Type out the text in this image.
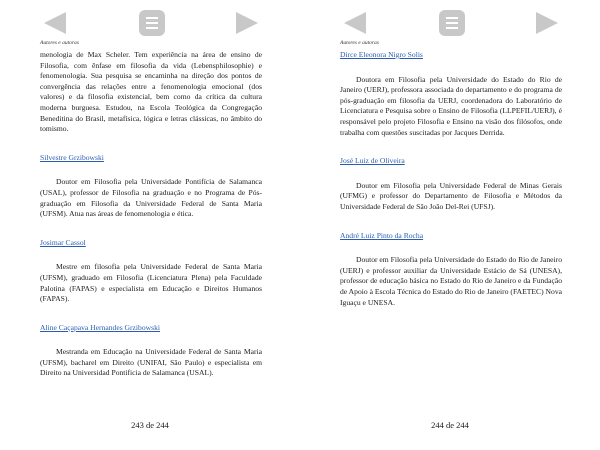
Autores e autoras

menologia de Max Scheler. Tem experiência na área de ensino de Filosofia, com ênfase em filosofia da vida (Lebensphilosophie) e fenomenologia. Sua pesquisa se encaminha na direção dos pontos de convergência das relações entre a fenomenologia emocional (dos valores) e da filosofia existencial, bem como da crítica da cultura moderna burguesa. Estudou, na Escola Teológica da Congregação Beneditina do Brasil, metafísica, lógica e letras clássicas, no âmbito do tomismo.

Silvestre Grzibowski

Doutor em Filosofia pela Universidade Pontifícia de Salamanca (USAL), professor de Filosofia na graduação e no Programa de Pós-graduação em Filosofia da Universidade Federal de Santa Maria (UFSM). Atua nas áreas de fenomenologia e ética.

Josimar Cassol

Mestre em filosofia pela Universidade Federal de Santa Maria (UFSM), graduado em Filosofia (Licenciatura Plena) pela Faculdade Palotina (FAPAS) e especialista em Educação e Direitos Humanos (FAPAS).

Aline Caçapava Hernandes Grzibowski

Mestranda em Educação na Universidade Federal de Santa Maria (UFSM), bacharel em Direito (UNIFAI, São Paulo) e especialista em Direito na Universidad Pontificia de Salamanca (USAL).

243 de 244
Autores e autoras
Dirce Eleonora Nigro Solis

Doutora em Filosofia pela Universidade do Estado do Rio de Janeiro (UERJ), professora associada do departamento e do programa de pós-graduação em filosofia da UERJ, coordenadora do Laboratório de Licenciatura e Pesquisa sobre o Ensino de Filosofia (LLPEFIL/UERJ), é responsável pelo projeto Filosofia e Ensino na visão dos filósofos, onde trabalha com questões suscitadas por Jacques Derrida.

José Luiz de Oliveira

Doutor em Filosofia pela Universidade Federal de Minas Gerais (UFMG) e professor do Departamento de Filosofia e Métodos da Universidade Federal de São João Del-Rei (UFSJ).

André Luiz Pinto da Rocha

Doutor em Filosofia pela Universidade do Estado do Rio de Janeiro (UERJ) e professor auxiliar da Universidade Estácio de Sá (UNESA), professor de educação básica no Estado do Rio de Janeiro e da Fundação de Apoio à Escola Técnica do Estado do Rio de Janeiro (FAETEC) Nova Iguaçu e UNESA.

244 de 244
